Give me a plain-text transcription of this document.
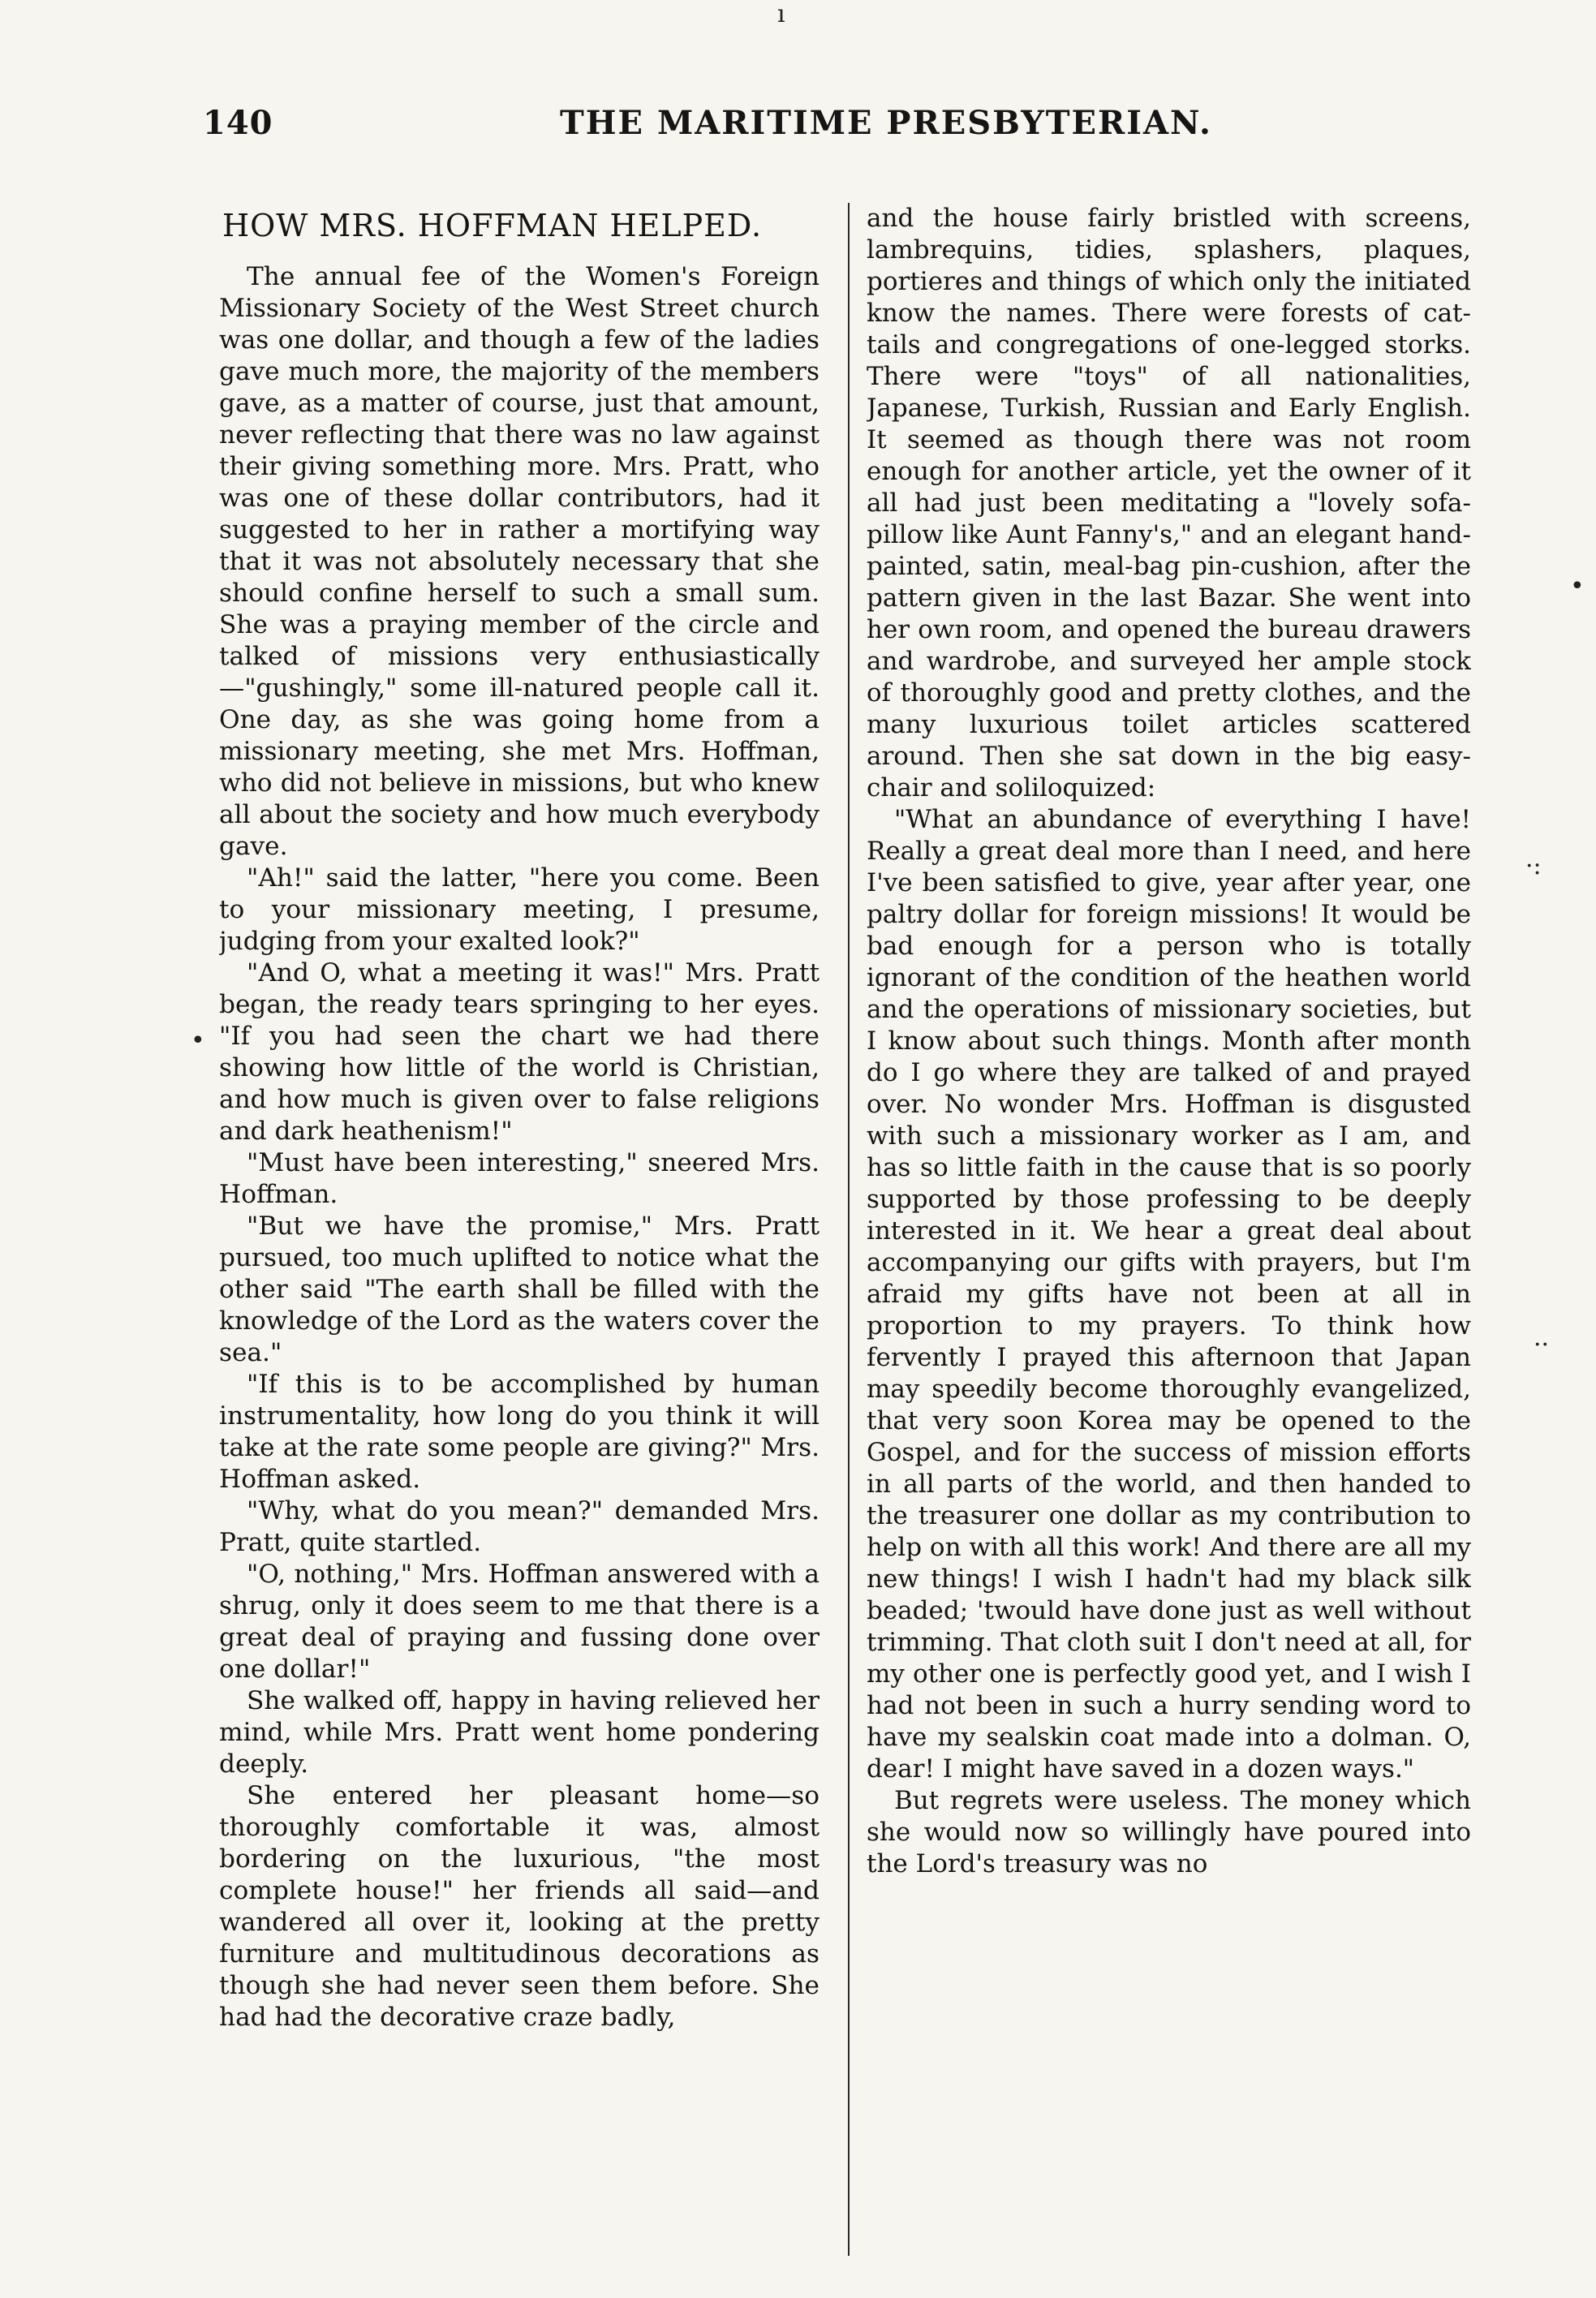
140	THE MARITIME PRESBYTERIAN.
HOW MRS. HOFFMAN HELPED.

The annual fee of the Women's Foreign Missionary Society of the West Street church was one dollar, and though a few of the ladies gave much more, the majority of the members gave, as a matter of course, just that amount, never reflecting that there was no law against their giving something more. Mrs. Pratt, who was one of these dollar contributors, had it suggested to her in rather a mortifying way that it was not absolutely necessary that she should confine herself to such a small sum. She was a praying member of the circle and talked of missions very enthusiastically—"gushingly," some ill-natured people call it. One day, as she was going home from a missionary meeting, she met Mrs. Hoffman, who did not believe in missions, but who knew all about the society and how much everybody gave.

"Ah!" said the latter, "here you come. Been to your missionary meeting, I presume, judging from your exalted look?"

"And O, what a meeting it was!" Mrs. Pratt began, the ready tears springing to her eyes. "If you had seen the chart we had there showing how little of the world is Christian, and how much is given over to false religions and dark heathenism!"

"Must have been interesting," sneered Mrs. Hoffman.

"But we have the promise," Mrs. Pratt pursued, too much uplifted to notice what the other said "The earth shall be filled with the knowledge of the Lord as the waters cover the sea."

"If this is to be accomplished by human instrumentality, how long do you think it will take at the rate some people are giving?" Mrs. Hoffman asked.

"Why, what do you mean?" demanded Mrs. Pratt, quite startled.

"O, nothing," Mrs. Hoffman answered with a shrug, only it does seem to me that there is a great deal of praying and fussing done over one dollar!"

She walked off, happy in having relieved her mind, while Mrs. Pratt went home pondering deeply.

She entered her pleasant home—so thoroughly comfortable it was, almost bordering on the luxurious, "the most complete house!" her friends all said—and wandered all over it, looking at the pretty furniture and multitudinous decorations as though she had never seen them before. She had had the decorative craze badly,

and the house fairly bristled with screens, lambrequins, tidies, splashers, plaques, portieres and things of which only the initiated know the names. There were forests of cat-tails and congregations of one-legged storks. There were "toys" of all nationalities, Japanese, Turkish, Russian and Early English. It seemed as though there was not room enough for another article, yet the owner of it all had just been meditating a "lovely sofa-pillow like Aunt Fanny's," and an elegant hand-painted, satin, meal-bag pin-cushion, after the pattern given in the last Bazar. She went into her own room, and opened the bureau drawers and wardrobe, and surveyed her ample stock of thoroughly good and pretty clothes, and the many luxurious toilet articles scattered around. Then she sat down in the big easy-chair and soliloquized:

"What an abundance of everything I have! Really a great deal more than I need, and here I've been satisfied to give, year after year, one paltry dollar for foreign missions! It would be bad enough for a person who is totally ignorant of the condition of the heathen world and the operations of missionary societies, but I know about such things. Month after month do I go where they are talked of and prayed over. No wonder Mrs. Hoffman is disgusted with such a missionary worker as I am, and has so little faith in the cause that is so poorly supported by those professing to be deeply interested in it. We hear a great deal about accompanying our gifts with prayers, but I'm afraid my gifts have not been at all in proportion to my prayers. To think how fervently I prayed this afternoon that Japan may speedily become thoroughly evangelized, that very soon Korea may be opened to the Gospel, and for the success of mission efforts in all parts of the world, and then handed to the treasurer one dollar as my contribution to help on with all this work! And there are all my new things! I wish I hadn't had my black silk beaded; 'twould have done just as well without trimming. That cloth suit I don't need at all, for my other one is perfectly good yet, and I wish I had not been in such a hurry sending word to have my sealskin coat made into a dolman. O, dear! I might have saved in a dozen ways."

But regrets were useless. The money which she would now so willingly have poured into the Lord's treasury was no

ı
•
•
·:
··
